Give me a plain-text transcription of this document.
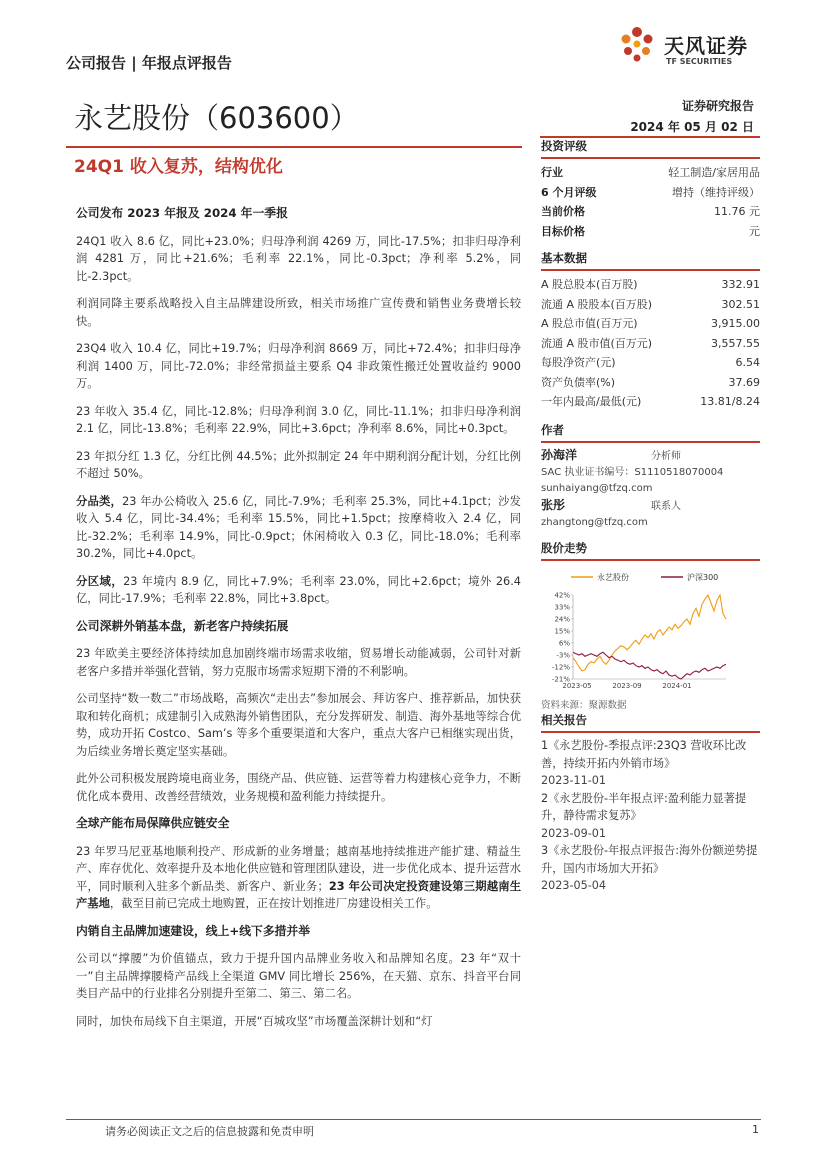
公司报告 | 年报点评报告
天风证券
TF SECURITIES
永艺股份（603600）	证券研究报告
2024 年 05 月 02 日
24Q1 收入复苏，结构优化
公司发布 2023 年报及 2024 年一季报

24Q1 收入 8.6 亿，同比+23.0%；归母净利润 4269 万，同比-17.5%；扣非归母净利润 4281 万，同比+21.6%；毛利率 22.1%，同比-0.3pct；净利率 5.2%，同比-2.3pct。

利润同降主要系战略投入自主品牌建设所致，相关市场推广宣传费和销售业务费增长较快。

23Q4 收入 10.4 亿，同比+19.7%；归母净利润 8669 万，同比+72.4%；扣非归母净利润 1400 万，同比-72.0%；非经常损益主要系 Q4 非政策性搬迁处置收益约 9000 万。

23 年收入 35.4 亿，同比-12.8%；归母净利润 3.0 亿，同比-11.1%；扣非归母净利润 2.1 亿，同比-13.8%；毛利率 22.9%，同比+3.6pct；净利率 8.6%，同比+0.3pct。

23 年拟分红 1.3 亿，分红比例 44.5%；此外拟制定 24 年中期利润分配计划，分红比例不超过 50%。

分品类，23 年办公椅收入 25.6 亿，同比-7.9%；毛利率 25.3%，同比+4.1pct；沙发收入 5.4 亿，同比-34.4%；毛利率 15.5%，同比+1.5pct；按摩椅收入 2.4 亿，同比-32.2%；毛利率 14.9%，同比-0.9pct；休闲椅收入 0.3 亿，同比-18.0%；毛利率 30.2%，同比+4.0pct。

分区域，23 年境内 8.9 亿，同比+7.9%；毛利率 23.0%，同比+2.6pct；境外 26.4 亿，同比-17.9%；毛利率 22.8%，同比+3.8pct。

公司深耕外销基本盘，新老客户持续拓展

23 年欧美主要经济体持续加息加剧终端市场需求收缩，贸易增长动能减弱，公司针对新老客户多措并举强化营销，努力克服市场需求短期下滑的不利影响。

公司坚持“数一数二”市场战略，高频次“走出去”参加展会、拜访客户、推荐新品，加快获取和转化商机；成建制引入成熟海外销售团队，充分发挥研发、制造、海外基地等综合优势，成功开拓 Costco、Sam’s 等多个重要渠道和大客户，重点大客户已相继实现出货，为后续业务增长奠定坚实基础。

此外公司积极发展跨境电商业务，围绕产品、供应链、运营等着力构建核心竞争力，不断优化成本费用、改善经营绩效，业务规模和盈利能力持续提升。

全球产能布局保障供应链安全

23 年罗马尼亚基地顺利投产、形成新的业务增量；越南基地持续推进产能扩建、精益生产、库存优化、效率提升及本地化供应链和管理团队建设，进一步优化成本、提升运营水平，同时顺利入驻多个新品类、新客户、新业务；23 年公司决定投资建设第三期越南生产基地，截至目前已完成土地购置，正在按计划推进厂房建设相关工作。

内销自主品牌加速建设，线上+线下多措并举

公司以“撑腰”为价值锚点，致力于提升国内品牌业务收入和品牌知名度。23 年“双十一”自主品牌撑腰椅产品线上全渠道 GMV 同比增长 256%，在天猫、京东、抖音平台同类目产品中的行业排名分别提升至第二、第三、第二名。

同时，加快布局线下自主渠道，开展“百城攻坚”市场覆盖深耕计划和“灯

投资评级
行业	轻工制造/家居用品
6 个月评级	增持（维持评级）
当前价格	11.76 元
目标价格	元
基本数据
A 股总股本(百万股)	332.91
流通 A 股股本(百万股)	302.51
A 股总市值(百万元)	3,915.00
流通 A 股市值(百万元)	3,557.55
每股净资产(元)	6.54
资产负债率(%)	37.69
一年内最高/最低(元)	13.81/8.24
作者
孙海洋	分析师
SAC 执业证书编号：S1110518070004
sunhaiyang@tfzq.com
张彤	联系人
zhangtong@tfzq.com
股价走势
永艺股份	沪深300
42%
33%
24%
15%
6%
-3%
-12%
-21%
2023-05	2023-09	2024-01
资料来源：聚源数据
相关报告
1《永艺股份-季报点评:23Q3 营收环比改善，持续开拓内外销市场》
2023-11-01
2《永艺股份-半年报点评:盈利能力显著提升，静待需求复苏》
2023-09-01
3《永艺股份-年报点评报告:海外份额逆势提升，国内市场加大开拓》
2023-05-04
请务必阅读正文之后的信息披露和免责申明	1
